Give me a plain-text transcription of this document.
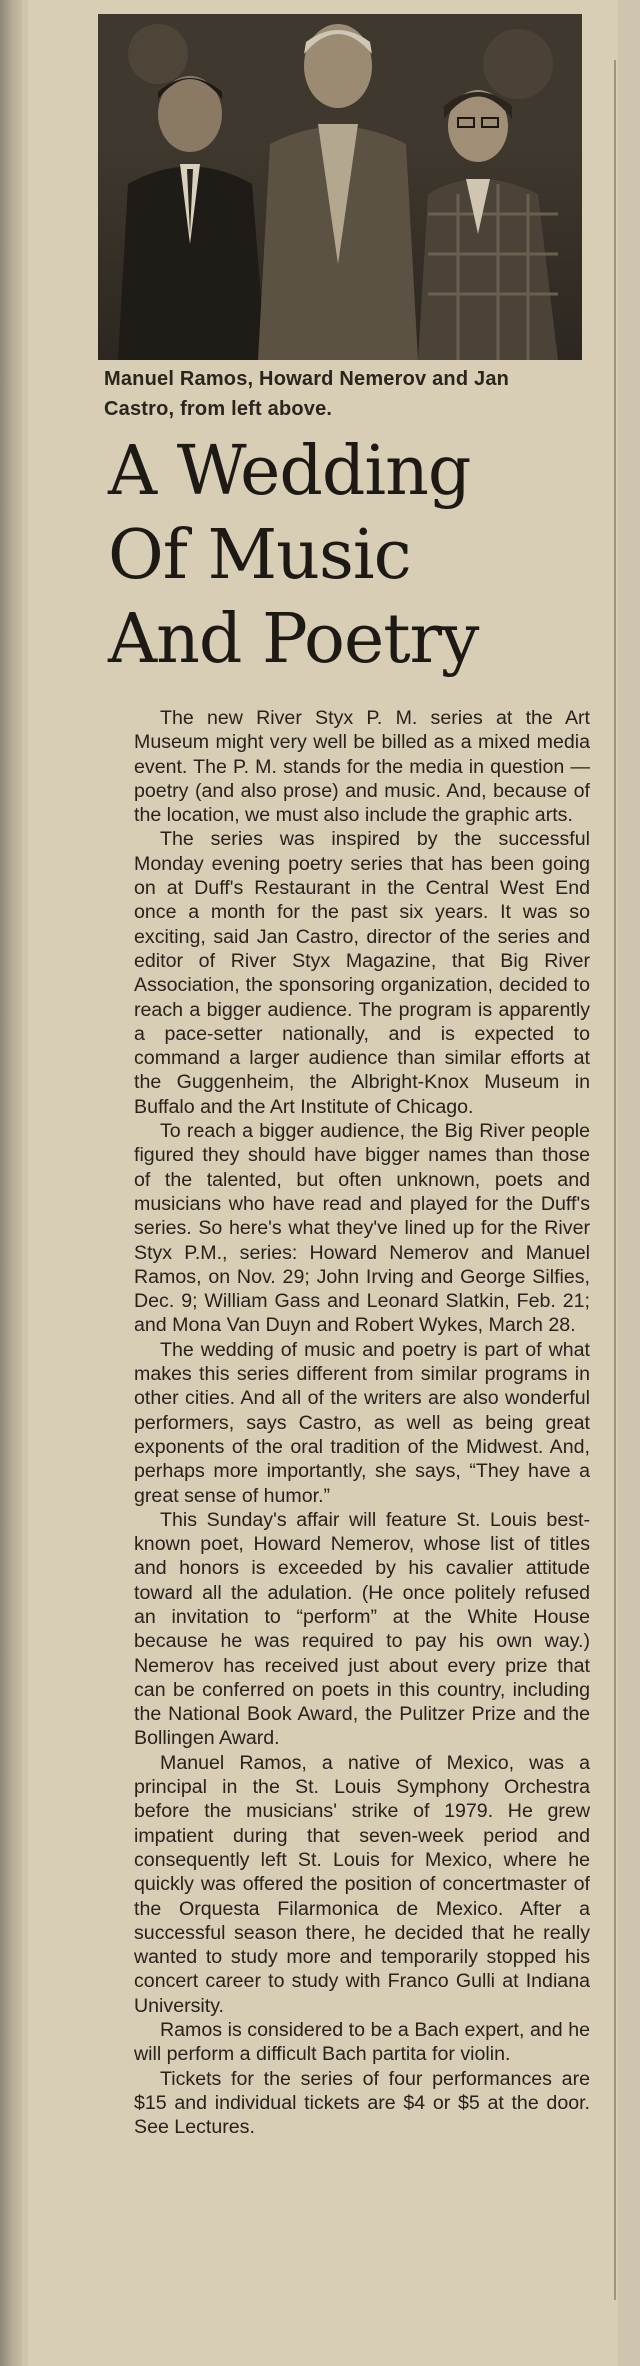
Manuel Ramos, Howard Nemerov and Jan Castro, from left above.
A Wedding
Of Music
And Poetry

The new River Styx P. M. series at the Art Museum might very well be billed as a mixed media event. The P. M. stands for the media in question — poetry (and also prose) and music. And, because of the location, we must also include the graphic arts.

The series was inspired by the successful Monday evening poetry series that has been going on at Duff's Restaurant in the Central West End once a month for the past six years. It was so exciting, said Jan Castro, director of the series and editor of River Styx Magazine, that Big River Association, the sponsoring organization, decided to reach a bigger audience. The program is apparently a pace-setter nationally, and is expected to command a larger audience than similar efforts at the Guggenheim, the Albright-Knox Museum in Buffalo and the Art Institute of Chicago.

To reach a bigger audience, the Big River people figured they should have bigger names than those of the talented, but often unknown, poets and musicians who have read and played for the Duff's series. So here's what they've lined up for the River Styx P.M., series: Howard Nemerov and Manuel Ramos, on Nov. 29; John Irving and George Silfies, Dec. 9; William Gass and Leonard Slatkin, Feb. 21; and Mona Van Duyn and Robert Wykes, March 28.

The wedding of music and poetry is part of what makes this series different from similar programs in other cities. And all of the writers are also wonderful performers, says Castro, as well as being great exponents of the oral tradition of the Midwest. And, perhaps more importantly, she says, “They have a great sense of humor.”

This Sunday's affair will feature St. Louis best-known poet, Howard Nemerov, whose list of titles and honors is exceeded by his cavalier attitude toward all the adulation. (He once politely refused an invitation to “perform” at the White House because he was required to pay his own way.) Nemerov has received just about every prize that can be conferred on poets in this country, including the National Book Award, the Pulitzer Prize and the Bollingen Award.

Manuel Ramos, a native of Mexico, was a principal in the St. Louis Symphony Orchestra before the musicians' strike of 1979. He grew impatient during that seven-week period and consequently left St. Louis for Mexico, where he quickly was offered the position of concertmaster of the Orquesta Filarmonica de Mexico. After a successful season there, he decided that he really wanted to study more and temporarily stopped his concert career to study with Franco Gulli at Indiana University.

Ramos is considered to be a Bach expert, and he will perform a difficult Bach partita for violin.

Tickets for the series of four performances are $15 and individual tickets are $4 or $5 at the door. See Lectures.
